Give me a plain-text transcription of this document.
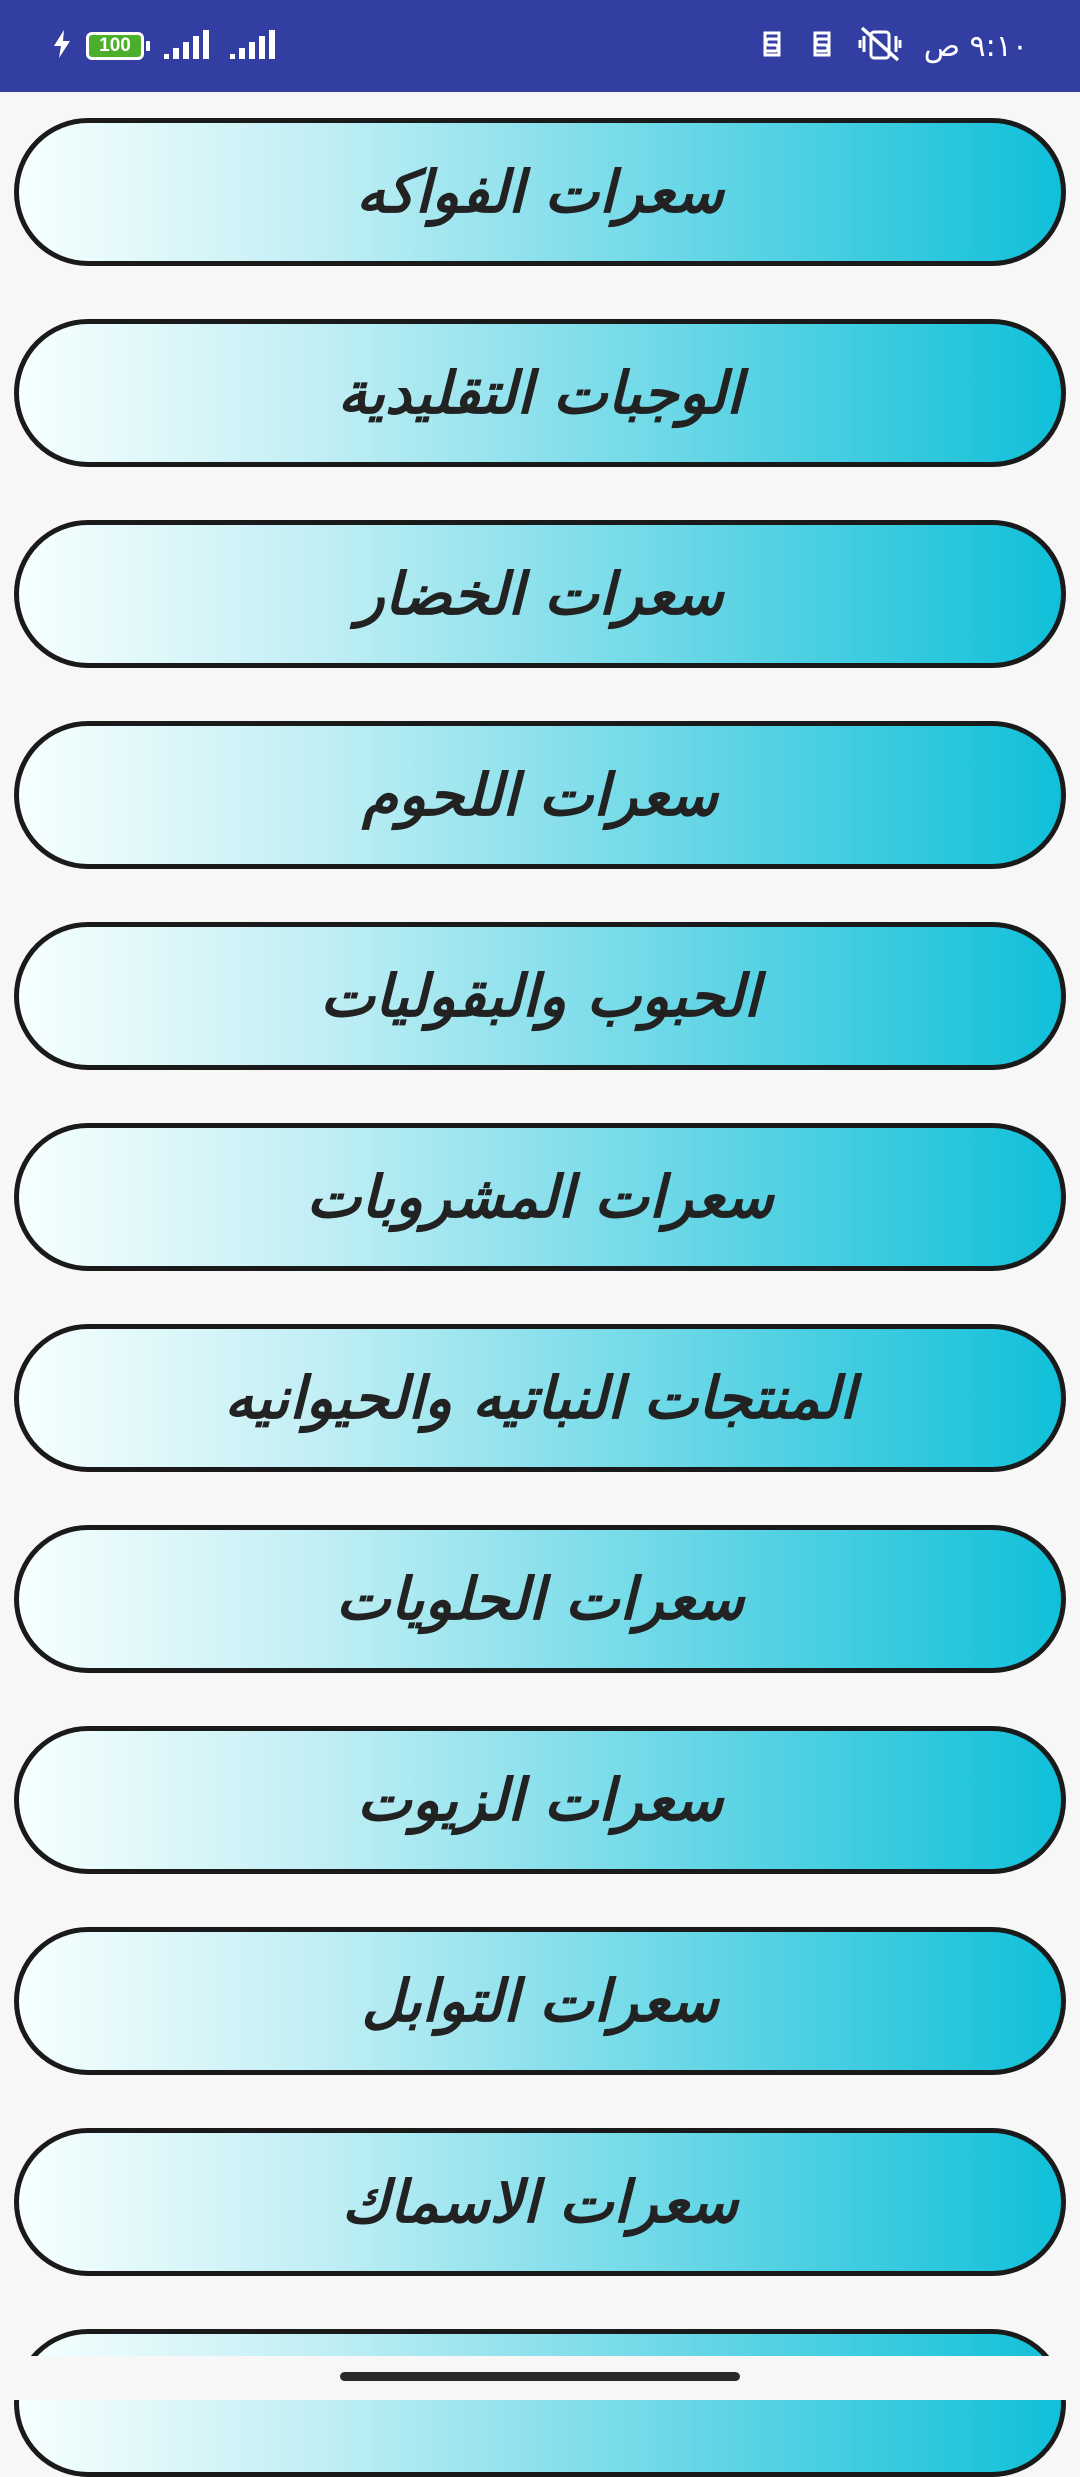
100	٩:١٠ ص
سعرات الفواكه
الوجبات التقليدية
سعرات الخضار
سعرات اللحوم
الحبوب والبقوليات
سعرات المشروبات
المنتجات النباتيه والحيوانيه
سعرات الحلويات
سعرات الزيوت
سعرات التوابل
سعرات الاسماك
